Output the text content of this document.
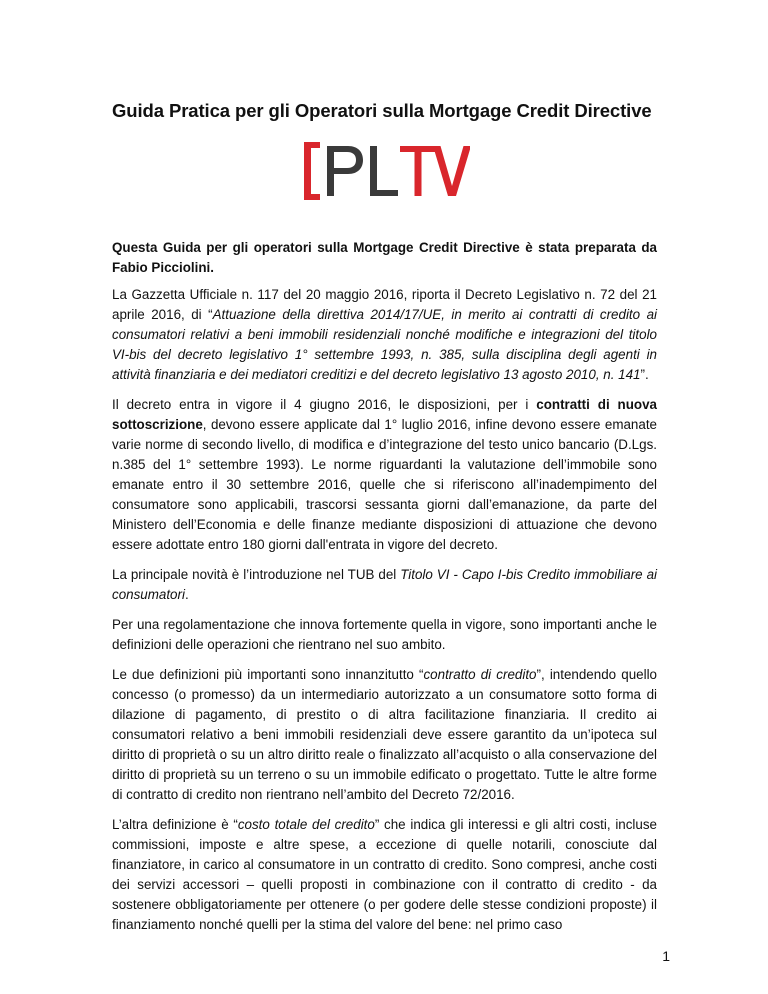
Guida Pratica per gli Operatori sulla Mortgage Credit Directive

Questa Guida per gli operatori sulla Mortgage Credit Directive è stata preparata da Fabio Picciolini.

La Gazzetta Ufficiale n. 117 del 20 maggio 2016, riporta il Decreto Legislativo n. 72 del 21 aprile 2016, di “Attuazione della direttiva 2014/17/UE, in merito ai contratti di credito ai consumatori relativi a beni immobili residenziali nonché modifiche e integrazioni del titolo VI-bis del decreto legislativo 1° settembre 1993, n. 385, sulla disciplina degli agenti in attività finanziaria e dei mediatori creditizi e del decreto legislativo 13 agosto 2010, n. 141”.

Il decreto entra in vigore il 4 giugno 2016, le disposizioni, per i contratti di nuova sottoscrizione, devono essere applicate dal 1° luglio 2016, infine devono essere emanate varie norme di secondo livello, di modifica e d’integrazione del testo unico bancario (D.Lgs. n.385 del 1° settembre 1993). Le norme riguardanti la valutazione dell’immobile sono emanate entro il 30 settembre 2016, quelle che si riferiscono all’inadempimento del consumatore sono applicabili, trascorsi sessanta giorni dall’emanazione, da parte del Ministero dell’Economia e delle finanze mediante disposizioni di attuazione che devono essere adottate entro 180 giorni dall'entrata in vigore del decreto.

La principale novità è l’introduzione nel TUB del Titolo VI - Capo I-bis Credito immobiliare ai consumatori.

Per una regolamentazione che innova fortemente quella in vigore, sono importanti anche le definizioni delle operazioni che rientrano nel suo ambito.

Le due definizioni più importanti sono innanzitutto “contratto di credito”, intendendo quello concesso (o promesso) da un intermediario autorizzato a un consumatore sotto forma di dilazione di pagamento, di prestito o di altra facilitazione finanziaria. Il credito ai consumatori relativo a beni immobili residenziali deve essere garantito da un’ipoteca sul diritto di proprietà o su un altro diritto reale o finalizzato all’acquisto o alla conservazione del diritto di proprietà su un terreno o su un immobile edificato o progettato. Tutte le altre forme di contratto di credito non rientrano nell’ambito del Decreto 72/2016.

L’altra definizione è “costo totale del credito” che indica gli interessi e gli altri costi, incluse commissioni, imposte e altre spese, a eccezione di quelle notarili, conosciute dal finanziatore, in carico al consumatore in un contratto di credito. Sono compresi, anche costi dei servizi accessori – quelli proposti in combinazione con il contratto di credito - da sostenere obbligatoriamente per ottenere (o per godere delle stesse condizioni proposte) il finanziamento nonché quelli per la stima del valore del bene: nel primo caso

1
